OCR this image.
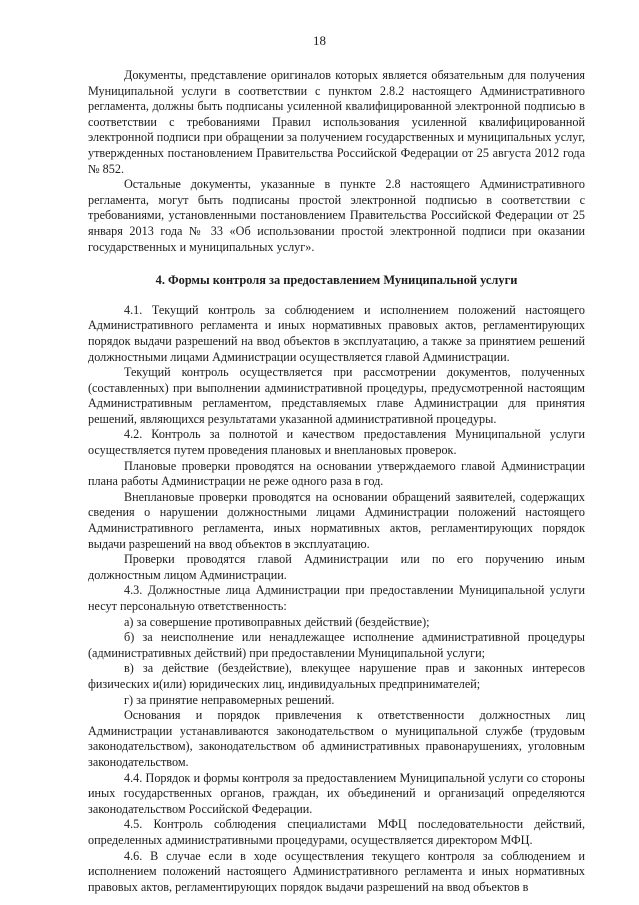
18

Документы, представление оригиналов которых является обязательным для получения Муниципальной услуги в соответствии с пунктом 2.8.2 настоящего Административного регламента, должны быть подписаны усиленной квалифицированной электронной подписью в соответствии с требованиями Правил использования усиленной квалифицированной электронной подписи при обращении за получением государственных и муниципальных услуг, утвержденных постановлением Правительства Российской Федерации от 25 августа 2012 года № 852.

Остальные документы, указанные в пункте 2.8 настоящего Административного регламента, могут быть подписаны простой электронной подписью в соответствии с требованиями, установленными постановлением Правительства Российской Федерации от 25 января 2013 года № 33 «Об использовании простой электронной подписи при оказании государственных и муниципальных услуг».

4. Формы контроля за предоставлением Муниципальной услуги

4.1. Текущий контроль за соблюдением и исполнением положений настоящего Административного регламента и иных нормативных правовых актов, регламентирующих порядок выдачи разрешений на ввод объектов в эксплуатацию, а также за принятием решений должностными лицами Администрации осуществляется главой Администрации.

Текущий контроль осуществляется при рассмотрении документов, полученных (составленных) при выполнении административной процедуры, предусмотренной настоящим Административным регламентом, представляемых главе Администрации для принятия решений, являющихся результатами указанной административной процедуры.

4.2. Контроль за полнотой и качеством предоставления Муниципальной услуги осуществляется путем проведения плановых и внеплановых проверок.

Плановые проверки проводятся на основании утверждаемого главой Администрации плана работы Администрации не реже одного раза в год.

Внеплановые проверки проводятся на основании обращений заявителей, содержащих сведения о нарушении должностными лицами Администрации положений настоящего Административного регламента, иных нормативных актов, регламентирующих порядок выдачи разрешений на ввод объектов в эксплуатацию.

Проверки проводятся главой Администрации или по его поручению иным должностным лицом Администрации.

4.3. Должностные лица Администрации при предоставлении Муниципальной услуги несут персональную ответственность:

а) за совершение противоправных действий (бездействие);

б) за неисполнение или ненадлежащее исполнение административной процедуры (административных действий) при предоставлении Муниципальной услуги;

в) за действие (бездействие), влекущее нарушение прав и законных интересов физических и(или) юридических лиц, индивидуальных предпринимателей;

г) за принятие неправомерных решений.

Основания и порядок привлечения к ответственности должностных лиц Администрации устанавливаются законодательством о муниципальной службе (трудовым законодательством), законодательством об административных правонарушениях, уголовным законодательством.

4.4. Порядок и формы контроля за предоставлением Муниципальной услуги со стороны иных государственных органов, граждан, их объединений и организаций определяются законодательством Российской Федерации.

4.5. Контроль соблюдения специалистами МФЦ последовательности действий, определенных административными процедурами, осуществляется директором МФЦ.

4.6. В случае если в ходе осуществления текущего контроля за соблюдением и исполнением положений настоящего Административного регламента и иных нормативных правовых актов, регламентирующих порядок выдачи разрешений на ввод объектов в
